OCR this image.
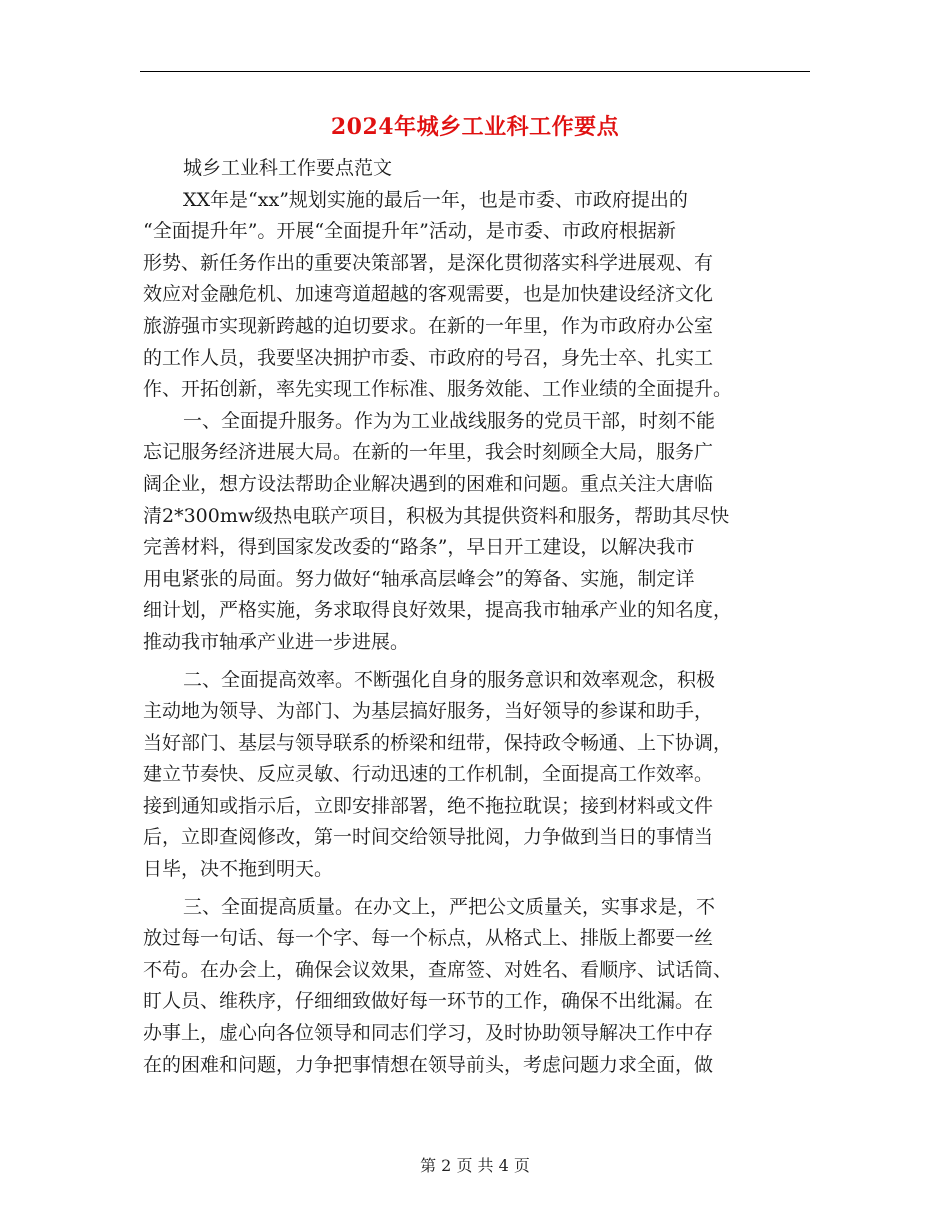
2024年城乡工业科工作要点
城乡工业科工作要点范文
XX年是“xx”规划实施的最后一年，也是市委、市政府提出的
“全面提升年”。开展“全面提升年”活动，是市委、市政府根据新
形势、新任务作出的重要决策部署，是深化贯彻落实科学进展观、有
效应对金融危机、加速弯道超越的客观需要，也是加快建设经济文化
旅游强市实现新跨越的迫切要求。在新的一年里，作为市政府办公室
的工作人员，我要坚决拥护市委、市政府的号召，身先士卒、扎实工
作、开拓创新，率先实现工作标准、服务效能、工作业绩的全面提升。
一、全面提升服务。作为为工业战线服务的党员干部，时刻不能
忘记服务经济进展大局。在新的一年里，我会时刻顾全大局，服务广
阔企业，想方设法帮助企业解决遇到的困难和问题。重点关注大唐临
清2*300mw级热电联产项目，积极为其提供资料和服务，帮助其尽快
完善材料，得到国家发改委的“路条”，早日开工建设，以解决我市
用电紧张的局面。努力做好“轴承高层峰会”的筹备、实施，制定详
细计划，严格实施，务求取得良好效果，提高我市轴承产业的知名度，
推动我市轴承产业进一步进展。
二、全面提高效率。不断强化自身的服务意识和效率观念，积极
主动地为领导、为部门、为基层搞好服务，当好领导的参谋和助手，
当好部门、基层与领导联系的桥梁和纽带，保持政令畅通、上下协调，
建立节奏快、反应灵敏、行动迅速的工作机制，全面提高工作效率。
接到通知或指示后，立即安排部署，绝不拖拉耽误；接到材料或文件
后，立即查阅修改，第一时间交给领导批阅，力争做到当日的事情当
日毕，决不拖到明天。
三、全面提高质量。在办文上，严把公文质量关，实事求是，不
放过每一句话、每一个字、每一个标点，从格式上、排版上都要一丝
不苟。在办会上，确保会议效果，查席签、对姓名、看顺序、试话筒、
盯人员、维秩序，仔细细致做好每一环节的工作，确保不出纰漏。在
办事上，虚心向各位领导和同志们学习，及时协助领导解决工作中存
在的困难和问题，力争把事情想在领导前头，考虑问题力求全面，做
第 2 页 共 4 页
